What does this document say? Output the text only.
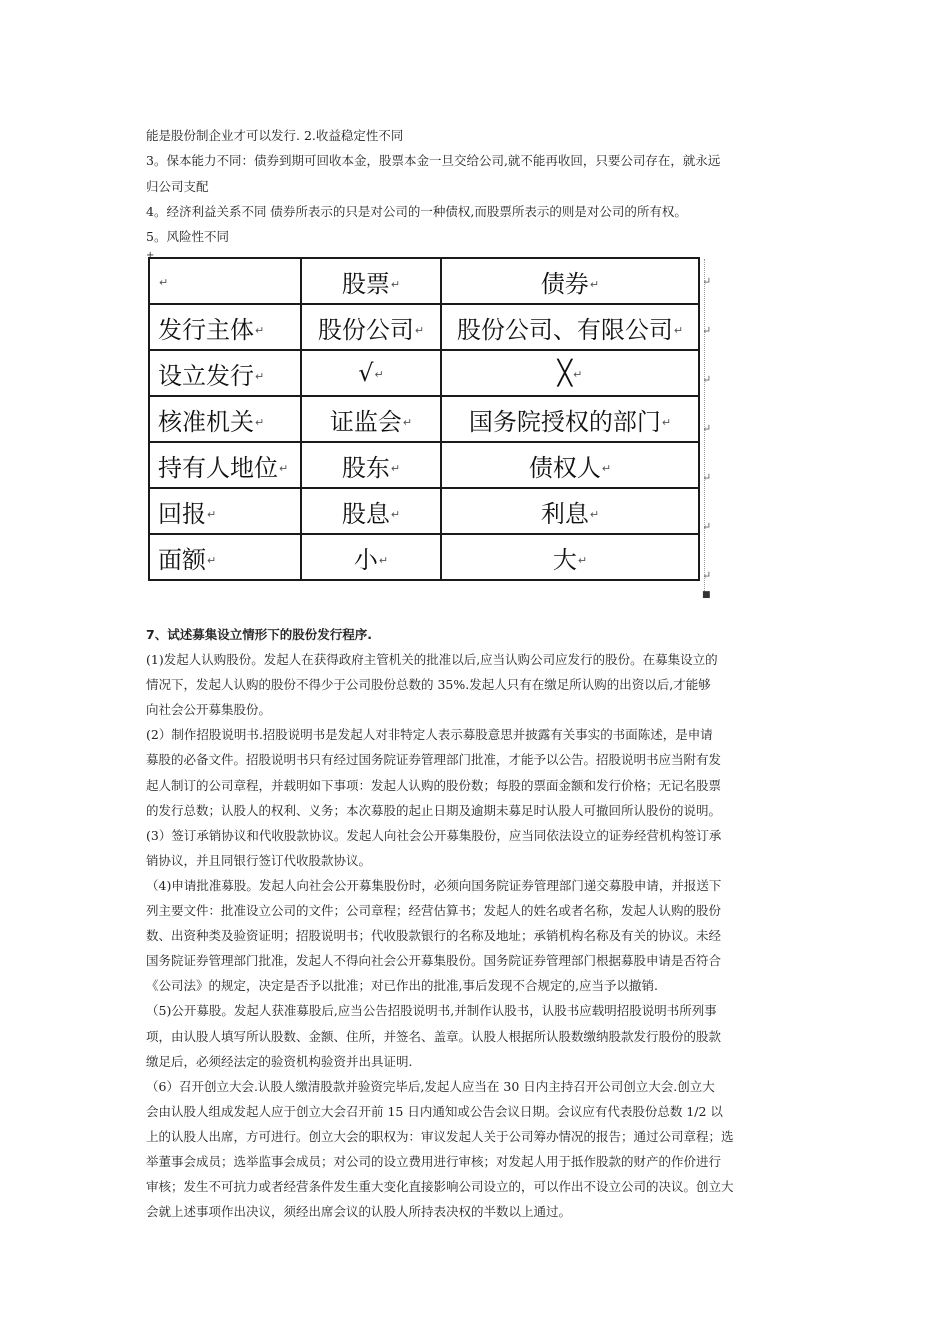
能是股份制企业才可以发行. 2.收益稳定性不同
3。保本能力不同：债券到期可回收本金，股票本金一旦交给公司,就不能再收回，只要公司存在，就永远
归公司支配
4。经济利益关系不同 债券所表示的只是对公司的一种债权,而股票所表示的则是对公司的所有权。
5。风险性不同
+
↵	股票↵	债券↵
发行主体↵	股份公司↵	股份公司、有限公司↵
设立发行↵	√↵	╳↵
核准机关↵	证监会↵	国务院授权的部门↵
持有人地位↵	股东↵	债权人↵
回报↵	股息↵	利息↵
面额↵	小↵	大↵
↵
↵
↵
↵
↵
↵
↵
■
7、试述募集设立情形下的股份发行程序.
(1)发起人认购股份。发起人在获得政府主管机关的批准以后,应当认购公司应发行的股份。在募集设立的
情况下，发起人认购的股份不得少于公司股份总数的 35%.发起人只有在缴足所认购的出资以后,才能够
向社会公开募集股份。
(2）制作招股说明书.招股说明书是发起人对非特定人表示募股意思并披露有关事实的书面陈述，是申请
募股的必备文件。招股说明书只有经过国务院证券管理部门批准，才能予以公告。招股说明书应当附有发
起人制订的公司章程，并载明如下事项：发起人认购的股份数；每股的票面金额和发行价格；无记名股票
的发行总数；认股人的权利、义务；本次募股的起止日期及逾期未募足时认股人可撤回所认股份的说明。
(3）签订承销协议和代收股款协议。发起人向社会公开募集股份，应当同依法设立的证券经营机构签订承
销协议，并且同银行签订代收股款协议。
（4)申请批准募股。发起人向社会公开募集股份时，必须向国务院证券管理部门递交募股申请，并报送下
列主要文件：批准设立公司的文件；公司章程；经营估算书；发起人的姓名或者名称，发起人认购的股份
数、出资种类及验资证明；招股说明书；代收股款银行的名称及地址；承销机构名称及有关的协议。未经
国务院证券管理部门批准，发起人不得向社会公开募集股份。国务院证券管理部门根据募股申请是否符合
《公司法》的规定，决定是否予以批准；对已作出的批准,事后发现不合规定的,应当予以撤销.
（5)公开募股。发起人获准募股后,应当公告招股说明书,并制作认股书，认股书应载明招股说明书所列事
项，由认股人填写所认股数、金额、住所，并签名、盖章。认股人根据所认股数缴纳股款发行股份的股款
缴足后，必须经法定的验资机构验资并出具证明.
（6）召开创立大会.认股人缴清股款并验资完毕后,发起人应当在 30 日内主持召开公司创立大会.创立大
会由认股人组成发起人应于创立大会召开前 15 日内通知或公告会议日期。会议应有代表股份总数 1/2 以
上的认股人出席，方可进行。创立大会的职权为：审议发起人关于公司筹办情况的报告；通过公司章程；选
举董事会成员；选举监事会成员；对公司的设立费用进行审核；对发起人用于抵作股款的财产的作价进行
审核；发生不可抗力或者经营条件发生重大变化直接影响公司设立的，可以作出不设立公司的决议。创立大
会就上述事项作出决议，须经出席会议的认股人所持表决权的半数以上通过。
